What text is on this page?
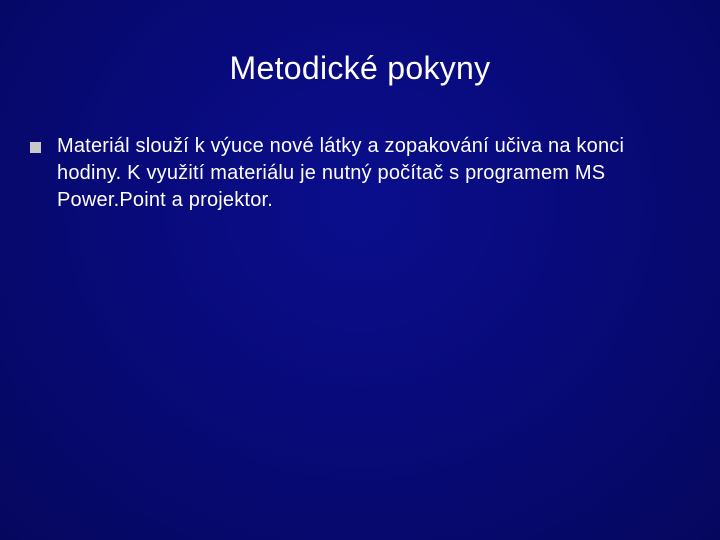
Metodické pokyny
Materiál slouží k výuce nové látky a zopakování učiva na konci hodiny. K využití materiálu je nutný počítač s programem MS Power.Point a projektor.
